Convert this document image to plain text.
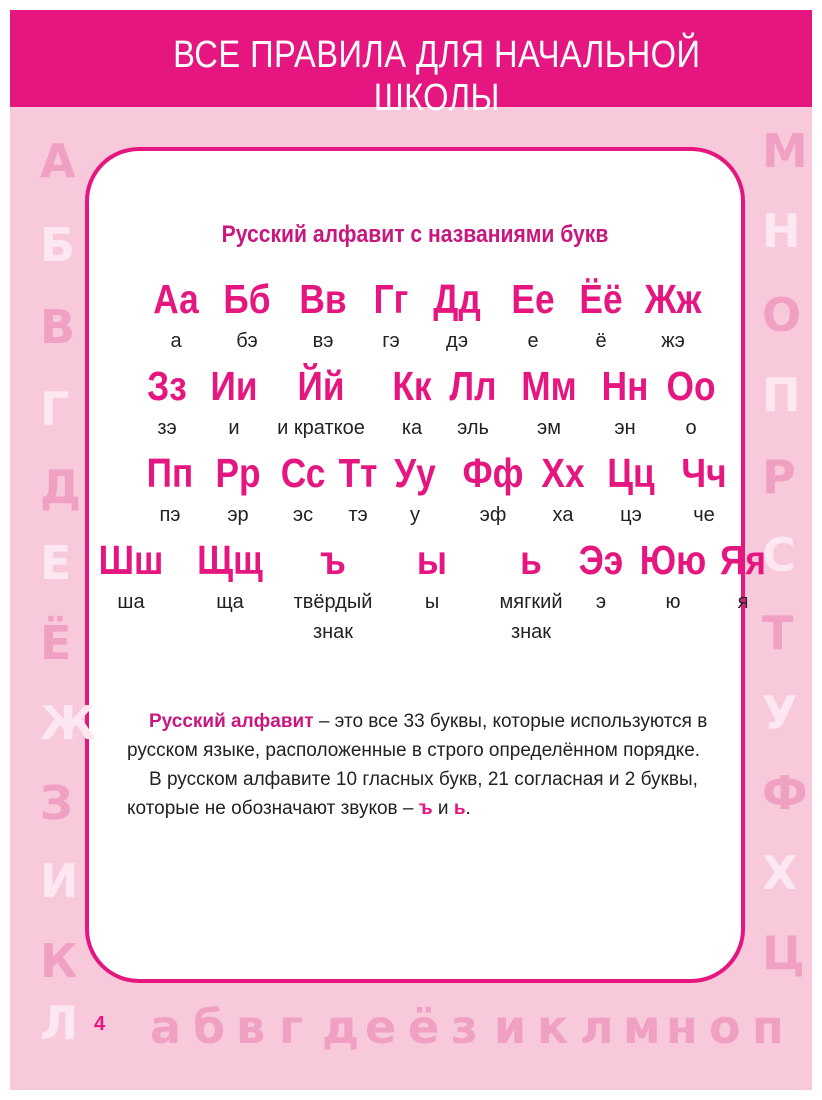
ВСЕ ПРАВИЛА ДЛЯ НАЧАЛЬНОЙ ШКОЛЫ
а б в г д е ё з и к л м н о п
4
Русский алфавит с названиями букв
Аа
а
Бб
бэ
Вв
вэ
Гг
гэ
Дд
дэ
Ее
е
Ёё
ё
Жж
жэ
Зз
зэ
Ии
и
Йй
и краткое
Кк
ка
Лл
эль
Мм
эм
Нн
эн
Оо
о
Пп
пэ
Рр
эр
Сс
эс
Тт
тэ
Уу
у
Фф
эф
Хх
ха
Цц
цэ
Чч
че
Шш
ша
Щщ
ща
ъ
твёрдый
знак
ы
ы
ь
мягкий
знак
Ээ
э
Юю
ю
Яя
я

Русский алфавит – это все 33 буквы, которые используются в русском языке, расположенные в строго определённом порядке.

В русском алфавите 10 гласных букв, 21 согласная и 2 буквы, которые не обозначают звуков – ъ и ь.

А
Б
В
Г
Д
Е
Ё
Ж
З
И
К
Л
М
Н
О
П
Р
С
Т
У
Ф
Х
Ц
